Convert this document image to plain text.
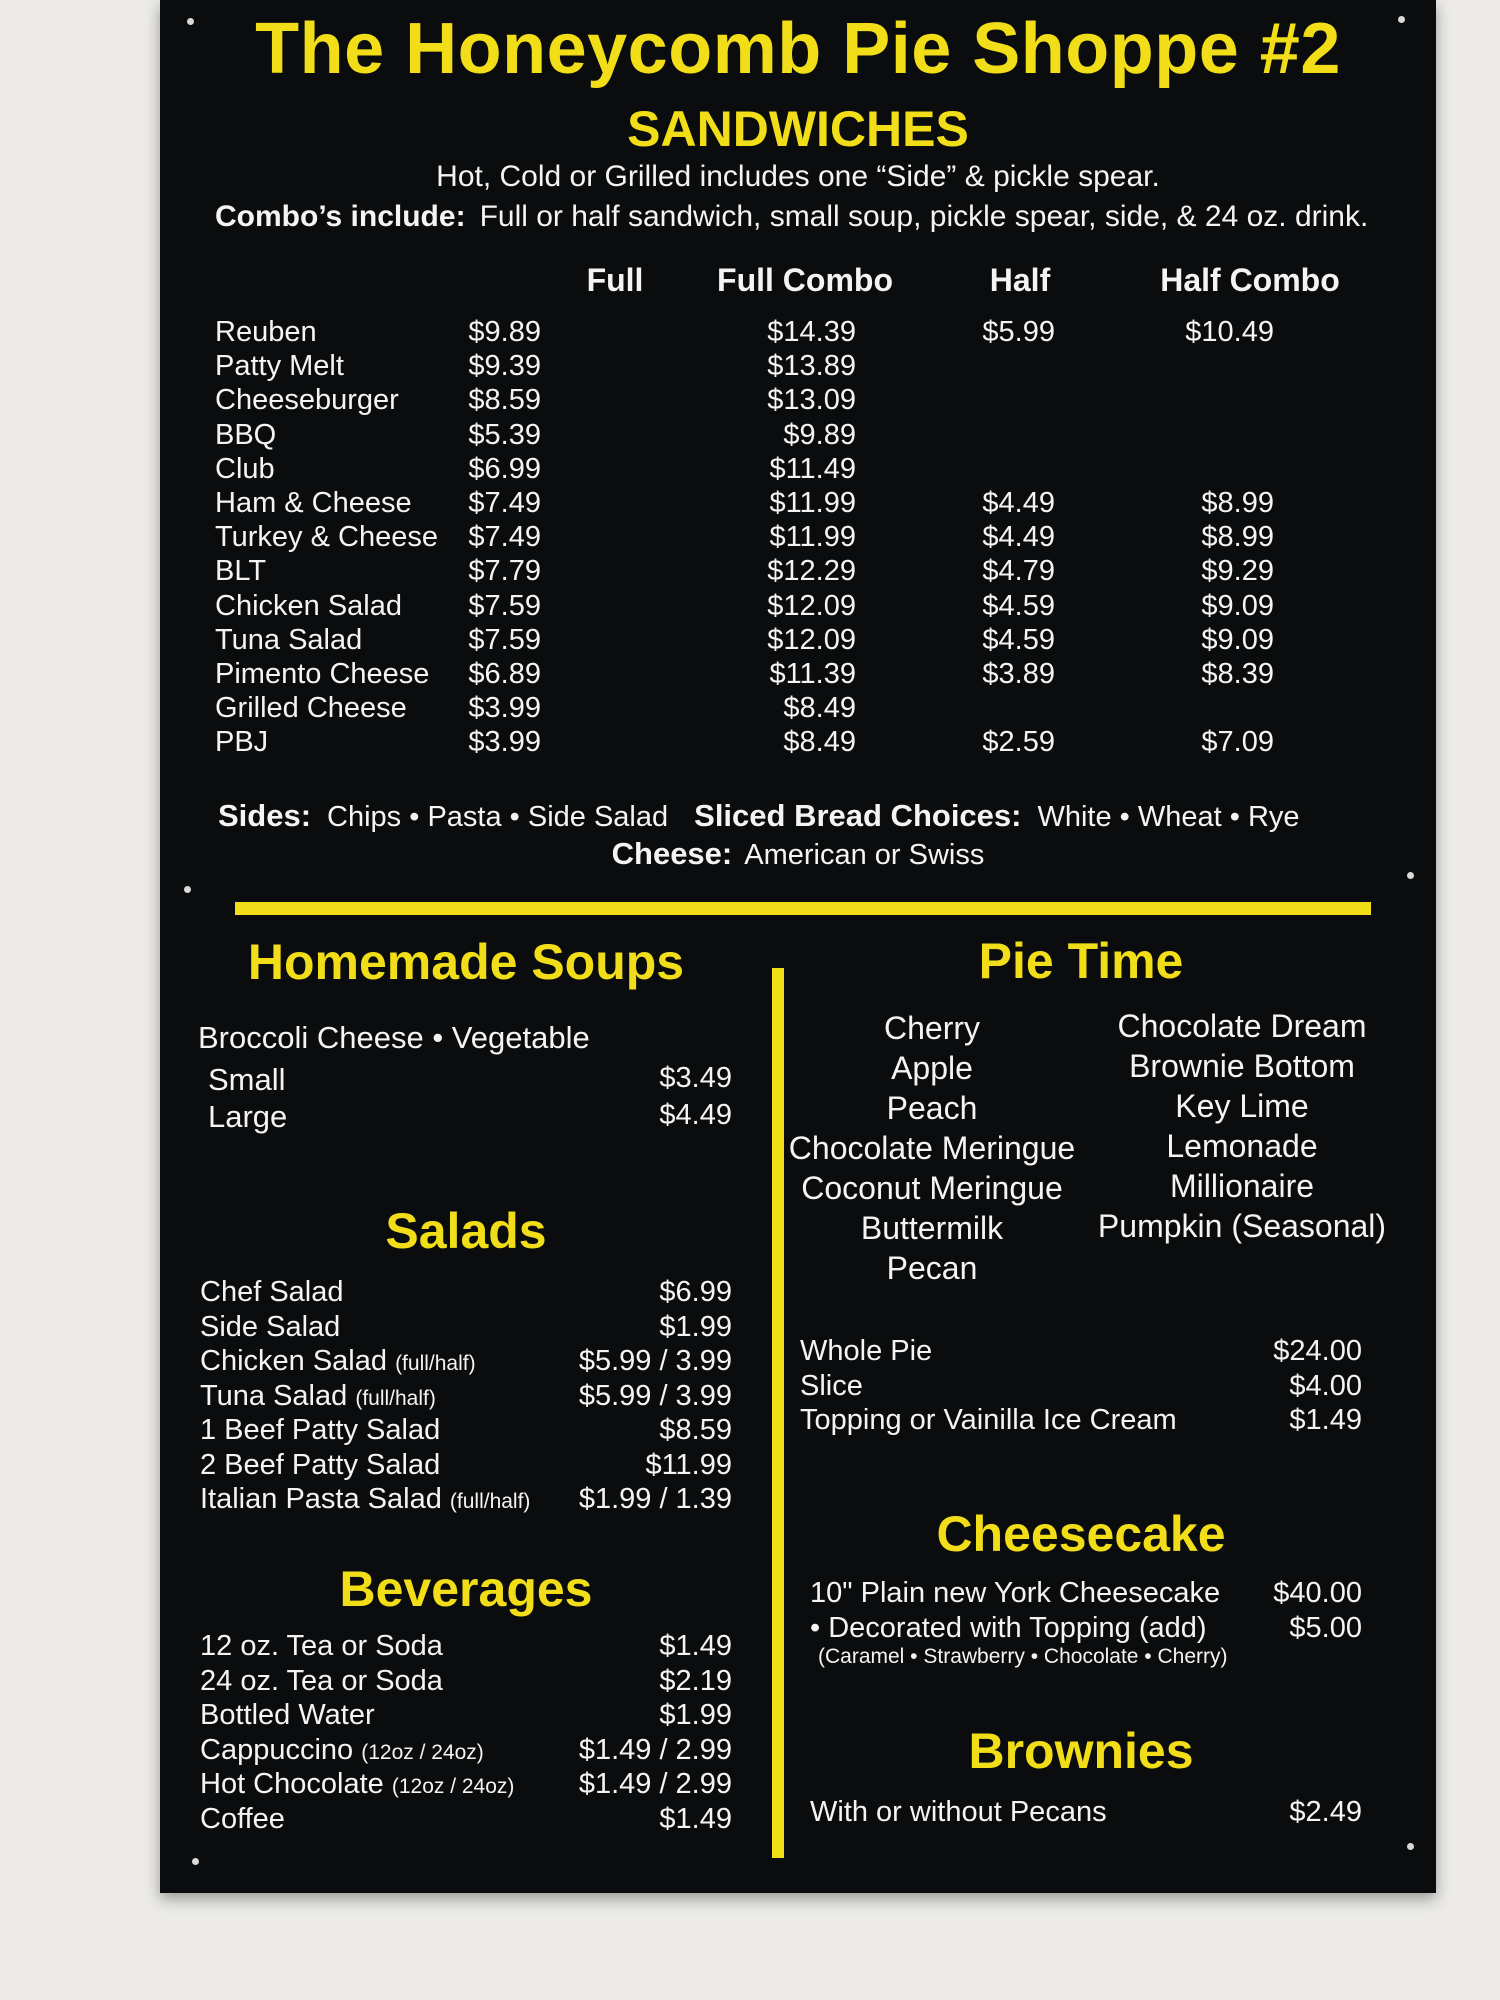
The Honeycomb Pie Shoppe #2
SANDWICHES
Hot, Cold or Grilled includes one “Side” & pickle spear.
Combo’s include: Full or half sandwich, small soup, pickle spear, side, & 24 oz. drink.
Full	Full Combo	Half	Half Combo
Reuben	$9.89	$14.39	$5.99	$10.49
Patty Melt	$9.39	$13.89
Cheeseburger $8.59	$13.09
BBQ	$5.39	$9.89
Club	$6.99	$11.49
Ham & Cheese $7.49	$11.99	$4.49	$8.99
Turkey & Cheese $7.49	$11.99	$4.49	$8.99
BLT	$7.79	$12.29	$4.79	$9.29
Chicken Salad $7.59	$12.09	$4.59	$9.09
Tuna Salad	$7.59	$12.09	$4.59	$9.09
Pimento Cheese $6.89	$11.39	$3.89	$8.39
Grilled Cheese $3.99	$8.49
PBJ	$3.99	$8.49	$2.59	$7.09
Sides: Chips • Pasta • Side Salad Sliced Bread Choices: White • Wheat • Rye
Cheese: American or Swiss
Homemade Soups
Broccoli Cheese • Vegetable
Small	$3.49
Large	$4.49
Salads
Chef Salad	$6.99
Side Salad	$1.99
Chicken Salad (full/half)	$5.99 / 3.99
Tuna Salad (full/half)	$5.99 / 3.99
1 Beef Patty Salad	$8.59
2 Beef Patty Salad	$11.99
Italian Pasta Salad (full/half) $1.99 / 1.39
Beverages
12 oz. Tea or Soda	$1.49
24 oz. Tea or Soda	$2.19
Bottled Water	$1.99
Cappuccino (12oz / 24oz)	$1.49 / 2.99
Hot Chocolate (12oz / 24oz) $1.49 / 2.99
Coffee	$1.49
Pie Time
Cherry
Apple
Peach
Chocolate Meringue
Coconut Meringue
Buttermilk
Pecan
Chocolate Dream
Brownie Bottom
Key Lime
Lemonade
Millionaire
Pumpkin (Seasonal)
Whole Pie	$24.00
Slice	$4.00
Topping or Vainilla Ice Cream	$1.49
Cheesecake
10" Plain new York Cheesecake $40.00
• Decorated with Topping (add)	$5.00
(Caramel • Strawberry • Chocolate • Cherry)
Brownies
With or without Pecans	$2.49
